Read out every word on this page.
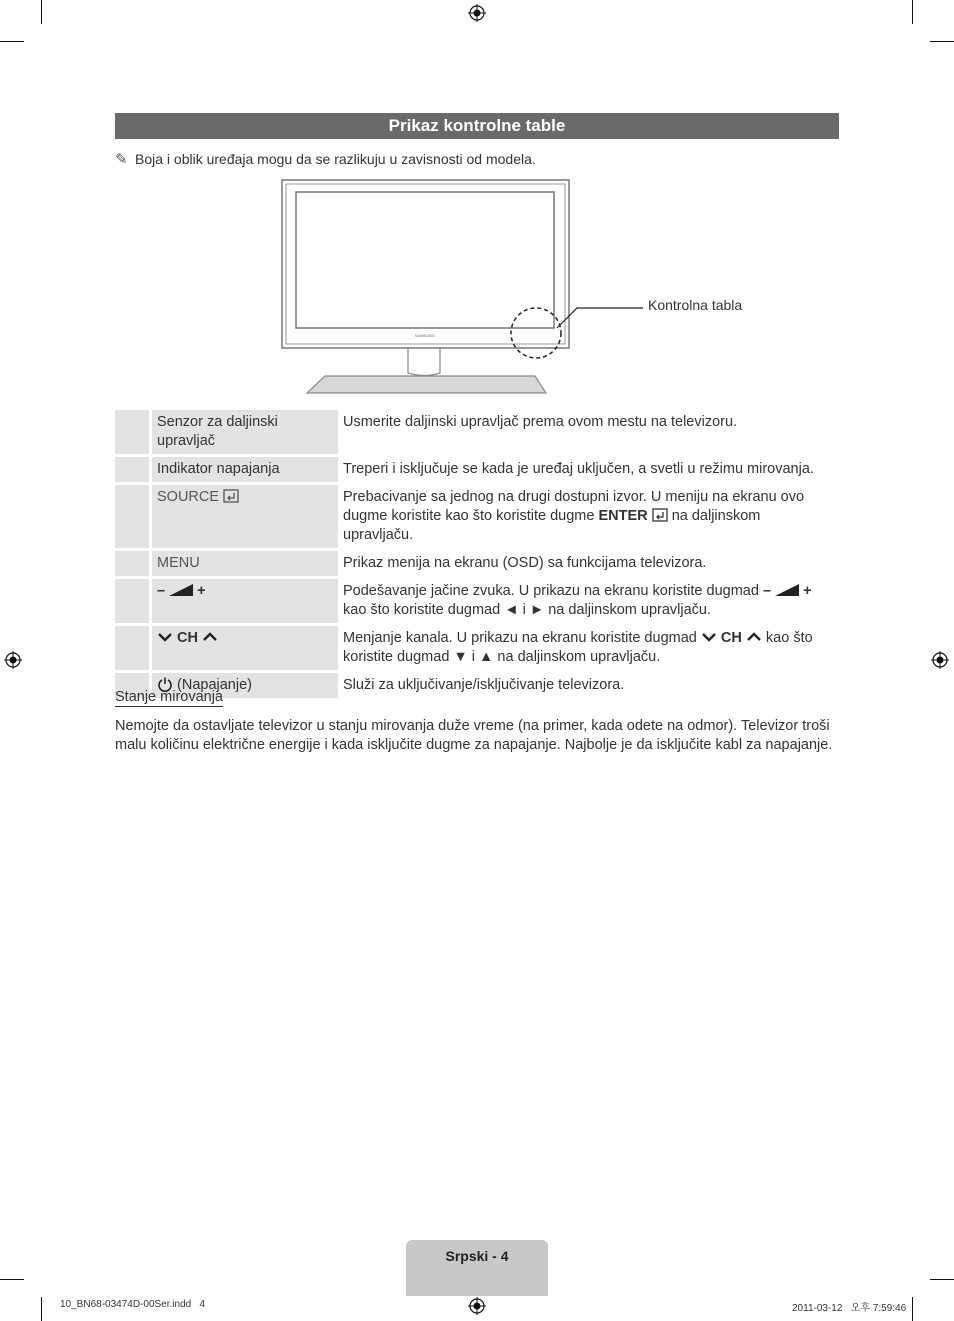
Prikaz kontrolne table
✎ Boja i oblik uređaja mogu da se razlikuju u zavisnosti od modela.
SAMSUNG
Kontrolna tabla
	Senzor za daljinski upravljač	Usmerite daljinski upravljač prema ovom mestu na televizoru.
	Indikator napajanja	Treperi i isključuje se kada je uređaj uključen, a svetli u režimu mirovanja.
	SOURCE	Prebacivanje sa jednog na drugi dostupni izvor. U meniju na ekranu ovo dugme koristite kao što koristite dugme ENTER na daljinskom upravljaču.
	MENU	Prikaz menija na ekranu (OSD) sa funkcijama televizora.
	– +	Podešavanje jačine zvuka. U prikazu na ekranu koristite dugmad – + kao što koristite dugmad ◄ i ► na daljinskom upravljaču.
	CH	Menjanje kanala. U prikazu na ekranu koristite dugmad CH kao što koristite dugmad ▼ i ▲ na daljinskom upravljaču.
	(Napajanje)	Služi za uključivanje/isključivanje televizora.
Stanje mirovanja
Nemojte da ostavljate televizor u stanju mirovanja duže vreme (na primer, kada odete na odmor). Televizor troši malu količinu električne energije i kada isključite dugme za napajanje. Najbolje je da isključite kabl za napajanje.
Srpski - 4
10_BN68-03474D-00Ser.indd   4	2011-03-12   오후 7:59:46
